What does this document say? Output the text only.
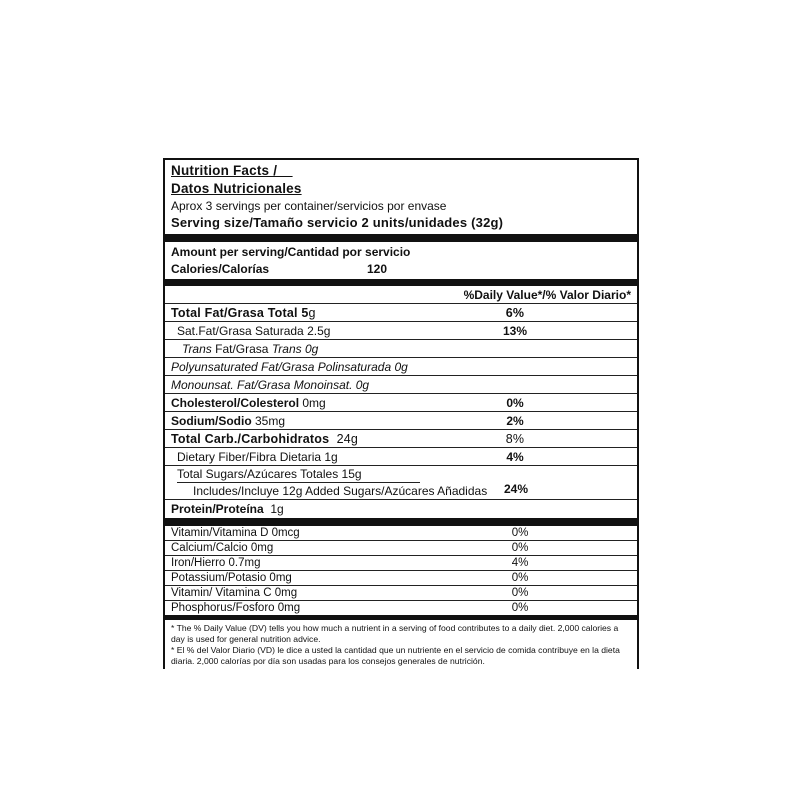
Nutrition Facts /__
Datos Nutricionales
Aprox 3 servings per container/servicios por envase
Serving size/Tamaño servicio 2 units/unidades (32g)
Amount per serving/Cantidad por servicio
Calories/Calorías	120
%Daily Value*/% Valor Diario*
Total Fat/Grasa Total 5 g	6%
Sat.Fat/Grasa Saturada 2.5g	13%
Trans Fat/Grasa Trans 0g
Polyunsaturated Fat/Grasa Polinsaturada 0g
Monounsat. Fat/Grasa Monoinsat. 0g
Cholesterol/Colesterol 0mg	0%
Sodium/Sodio 35mg	2%
Total Carb./Carbohidratos 24g	8%
Dietary Fiber/Fibra Dietaria 1g	4%
Total Sugars/Azúcares Totales 15g
Includes/Incluye 12g Added Sugars/Azúcares Añadidas	24%
Protein/Proteína 1g
Vitamin/Vitamina D 0mcg	0%
Calcium/Calcio 0mg	0%
Iron/Hierro 0.7mg	4%
Potassium/Potasio 0mg	0%
Vitamin/ Vitamina C 0mg	0%
Phosphorus/Fosforo 0mg	0%
* The % Daily Value (DV) tells you how much a nutrient in a serving of food contributes to a daily diet. 2,000 calories a day is used for general nutrition advice.
* El % del Valor Diario (VD) le dice a usted la cantidad que un nutriente en el servicio de comida contribuye en la dieta diaria. 2,000 calorías por día son usadas para los consejos generales de nutrición.
